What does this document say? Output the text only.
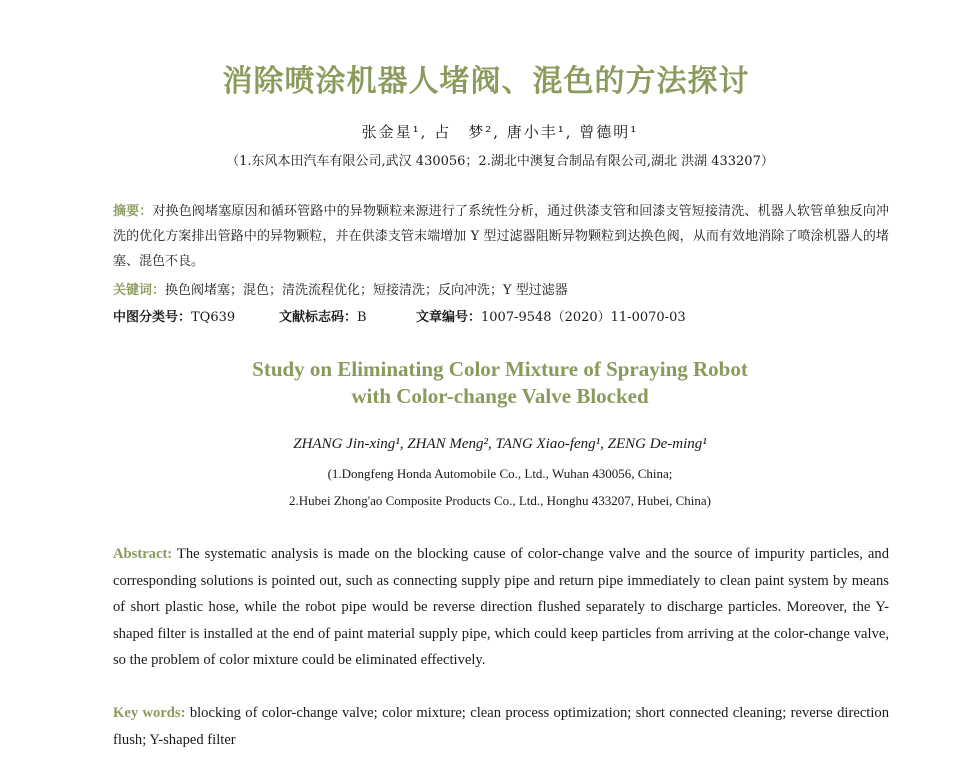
消除喷涂机器人堵阀、混色的方法探讨
张金星¹, 占　梦², 唐小丰¹, 曾德明¹
（1.东风本田汽车有限公司,武汉 430056；2.湖北中澳复合制品有限公司,湖北 洪湖 433207）
摘要：对换色阀堵塞原因和循环管路中的异物颗粒来源进行了系统性分析，通过供漆支管和回漆支管短接清洗、机器人软管单独反向冲洗的优化方案排出管路中的异物颗粒，并在供漆支管末端增加 Y 型过滤器阻断异物颗粒到达换色阀，从而有效地消除了喷涂机器人的堵塞、混色不良。
关键词：换色阀堵塞；混色；清洗流程优化；短接清洗；反向冲洗；Y 型过滤器
中图分类号：TQ639	文献标志码：B	文章编号：1007-9548（2020）11-0070-03
Study on Eliminating Color Mixture of Spraying Robot
with Color-change Valve Blocked
ZHANG Jin-xing¹, ZHAN Meng², TANG Xiao-feng¹, ZENG De-ming¹
(1.Dongfeng Honda Automobile Co., Ltd., Wuhan 430056, China;
2.Hubei Zhong'ao Composite Products Co., Ltd., Honghu 433207, Hubei, China)
Abstract: The systematic analysis is made on the blocking cause of color-change valve and the source of impurity particles, and corresponding solutions is pointed out, such as connecting supply pipe and return pipe immediately to clean paint system by means of short plastic hose, while the robot pipe would be reverse direction flushed separately to discharge particles. Moreover, the Y-shaped filter is installed at the end of paint material supply pipe, which could keep particles from arriving at the color-change valve, so the problem of color mixture could be eliminated effectively.
Key words: blocking of color-change valve; color mixture; clean process optimization; short connected cleaning; reverse direction flush; Y-shaped filter
